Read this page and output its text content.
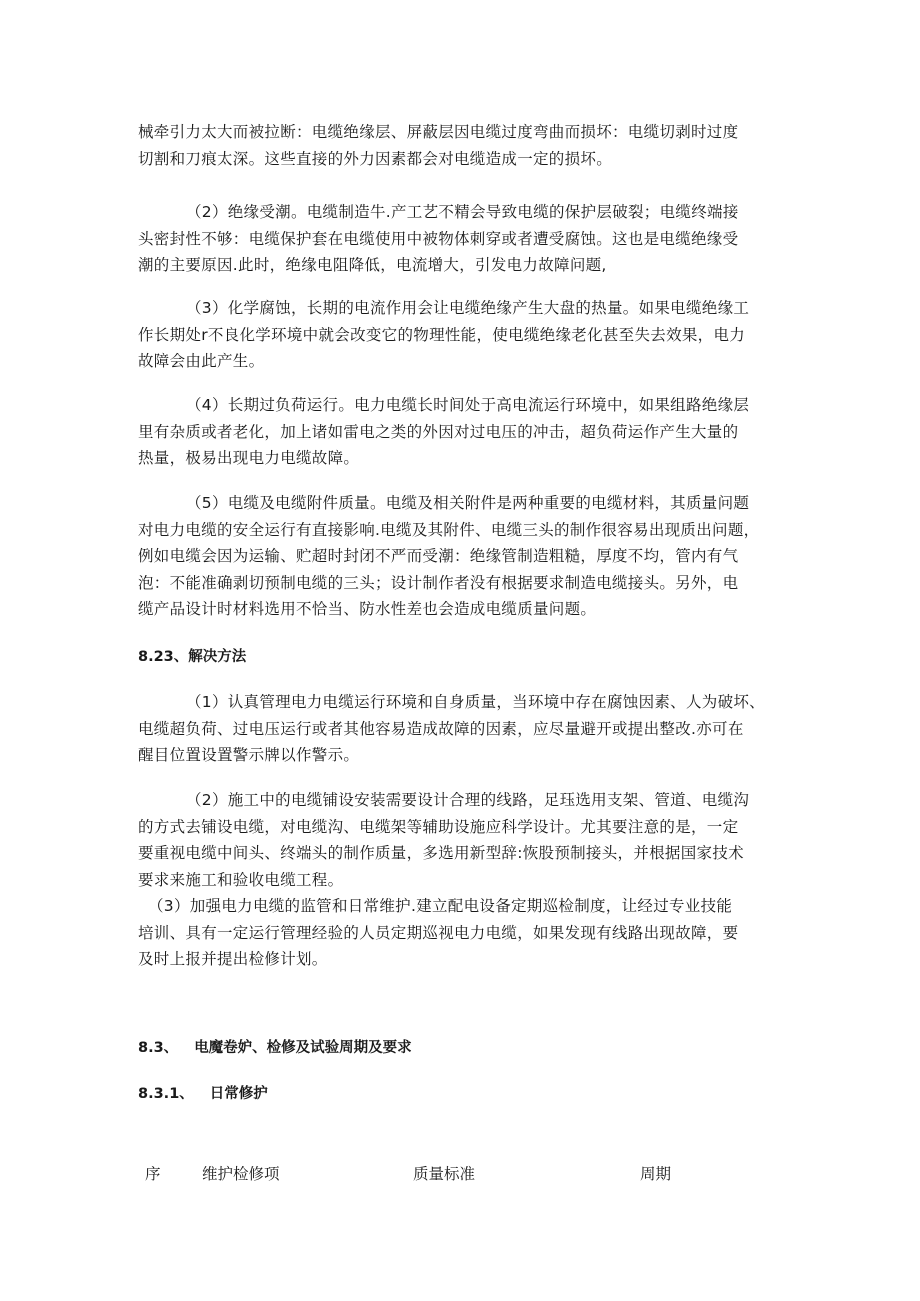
械牵引力太大而被拉断：电缆绝缘层、屏蔽层因电缆过度弯曲而损坏：电缆切剥时过度
切割和刀痕太深。这些直接的外力因素都会对电缆造成一定的损坏。
（2）绝缘受潮。电缆制造牛.产工艺不精会导致电缆的保护层破裂；电缆终端接
头密封性不够：电缆保护套在电缆使用中被物体刺穿或者遭受腐蚀。这也是电缆绝缘受
潮的主要原因.此时，绝缘电阻降低，电流增大，引发电力故障问题,
（3）化学腐蚀，长期的电流作用会让电缆绝缘产生大盘的热量。如果电缆绝缘工
作长期处r不良化学环境中就会改变它的物理性能，使电缆绝缘老化甚至失去效果，电力
故障会由此产生。
（4）长期过负荷运行。电力电缆长时间处于高电流运行环境中，如果组路绝缘层
里有杂质或者老化，加上诸如雷电之类的外因对过电压的冲击，超负荷运作产生大量的
热量，极易出现电力电缆故障。
（5）电缆及电缆附件质量。电缆及相关附件是两种重要的电缆材料，其质量问题
对电力电缆的安全运行有直接影响.电缆及其附件、电缆三头的制作很容易出现质出问题，
例如电缆会因为运输、贮超时封闭不严而受潮：绝缘管制造粗糙，厚度不均，管内有气
泡：不能准确剥切预制电缆的三头；设计制作者没有根据要求制造电缆接头。另外，电
缆产品设计时材料选用不恰当、防水性差也会造成电缆质量问题。
8.23、解决方法
（1）认真管理电力电缆运行环境和自身质量，当环境中存在腐蚀因素、人为破坏、
电缆超负荷、过电压运行或者其他容易造成故障的因素，应尽量避开或提出整改.亦可在
醒目位置设置警示牌以作警示。
（2）施工中的电缆铺设安装需要设计合理的线路，足珏选用支架、管道、电缆沟
的方式去铺设电缆，对电缆沟、电缆架等辅助设施应科学设计。尤其要注意的是，一定
要重视电缆中间头、终端头的制作质量，多选用新型辞:恢股预制接头，并根据国家技术
要求来施工和验收电缆工程。
（3）加强电力电缆的监管和日常维护.建立配电设备定期巡检制度，让经过专业技能
培训、具有一定运行管理经验的人员定期巡视电力电缆，如果发现有线路出现故障，要
及时上报并提出检修计划。
8.3、 电魔卷妒、检修及试验周期及要求
8.3.1、 日常修护
序	维护检修项	质量标准	周期
